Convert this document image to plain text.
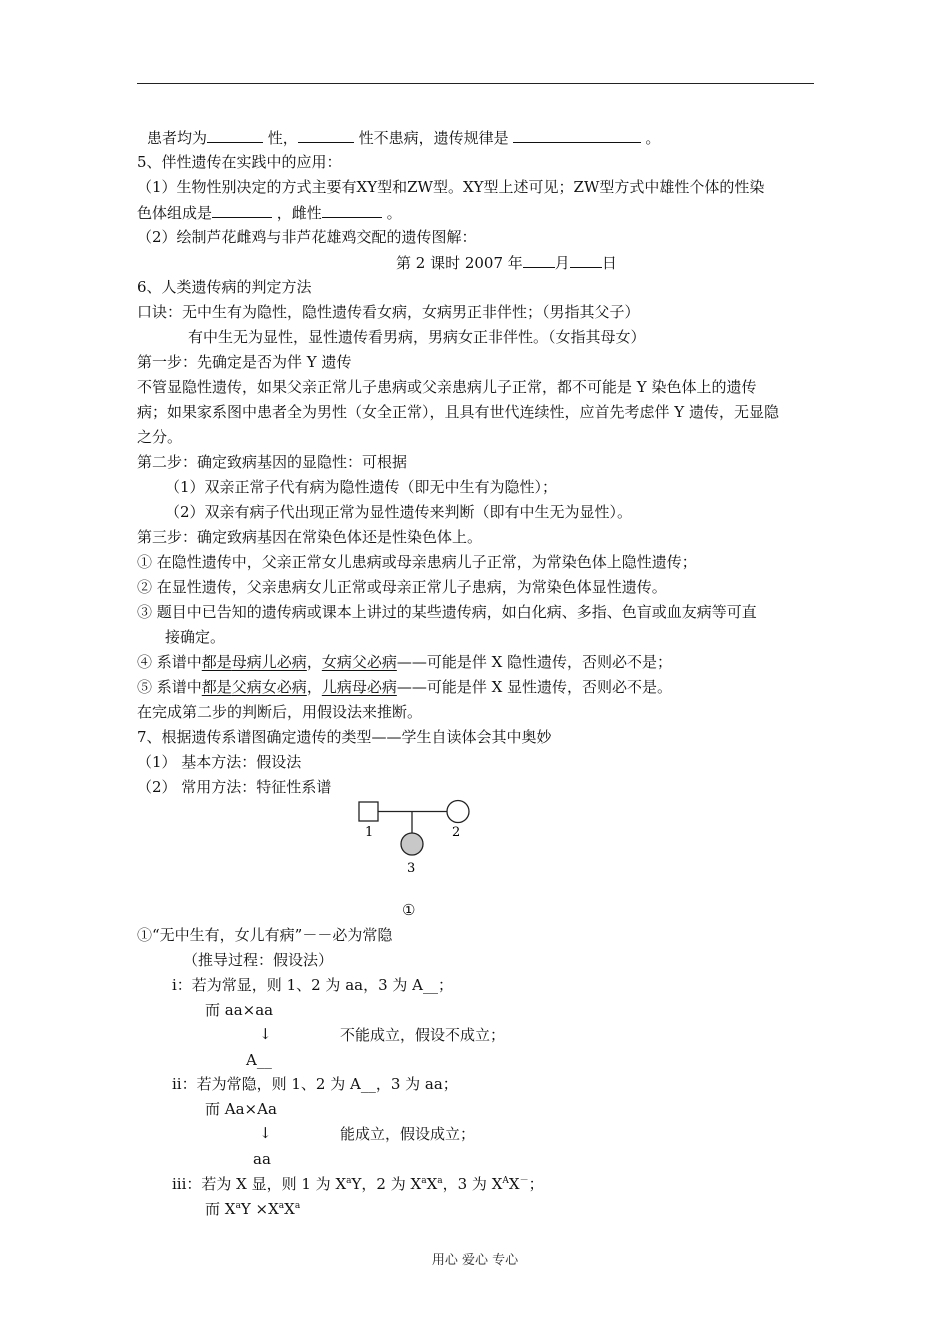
患者均为	性，	性不患病，遗传规律是	。
5、伴性遗传在实践中的应用：
（1）生物性别决定的方式主要有XY型和ZW型。XY型上述可见；ZW型方式中雄性个体的性染
色体组成是	，雌性	。
（2）绘制芦花雌鸡与非芦花雄鸡交配的遗传图解：
第 2 课时 2007 年 月 日
6、人类遗传病的判定方法
口诀：无中生有为隐性，隐性遗传看女病，女病男正非伴性；（男指其父子）
有中生无为显性，显性遗传看男病，男病女正非伴性。（女指其母女）
第一步：先确定是否为伴 Y 遗传
不管显隐性遗传，如果父亲正常儿子患病或父亲患病儿子正常，都不可能是 Y 染色体上的遗传
病；如果家系图中患者全为男性（女全正常），且具有世代连续性，应首先考虑伴 Y 遗传，无显隐
之分。
第二步：确定致病基因的显隐性：可根据
（1）双亲正常子代有病为隐性遗传（即无中生有为隐性）；
（2）双亲有病子代出现正常为显性遗传来判断（即有中生无为显性）。
第三步：确定致病基因在常染色体还是性染色体上。
① 在隐性遗传中，父亲正常女儿患病或母亲患病儿子正常，为常染色体上隐性遗传；
② 在显性遗传，父亲患病女儿正常或母亲正常儿子患病，为常染色体显性遗传。
③ 题目中已告知的遗传病或课本上讲过的某些遗传病，如白化病、多指、色盲或血友病等可直
接确定。
④ 系谱中都是母病儿必病，女病父必病——可能是伴 X 隐性遗传，否则必不是；
⑤ 系谱中都是父病女必病，儿病母必病——可能是伴 X 显性遗传，否则必不是。
在完成第二步的判断后，用假设法来推断。
7、根据遗传系谱图确定遗传的类型——学生自读体会其中奥妙
（1） 基本方法：假设法
（2） 常用方法：特征性系谱
1	2
3
①
①“无中生有，女儿有病”－－必为常隐
（推导过程：假设法）
i：若为常显，则 1、2 为 aa，3 为 A__；
而 aa×aa
↓	不能成立，假设不成立；
A__
ii：若为常隐，则 1、2 为 A__，3 为 aa；
而 Aa×Aa
↓	能成立，假设成立；
aa
iii：若为 X 显，则 1 为 $X^aY$，2 为 $X^aX^a$，3 为 $X^AX^-$；
而 $X^aY \times X^aX^a$
用心 爱心 专心
